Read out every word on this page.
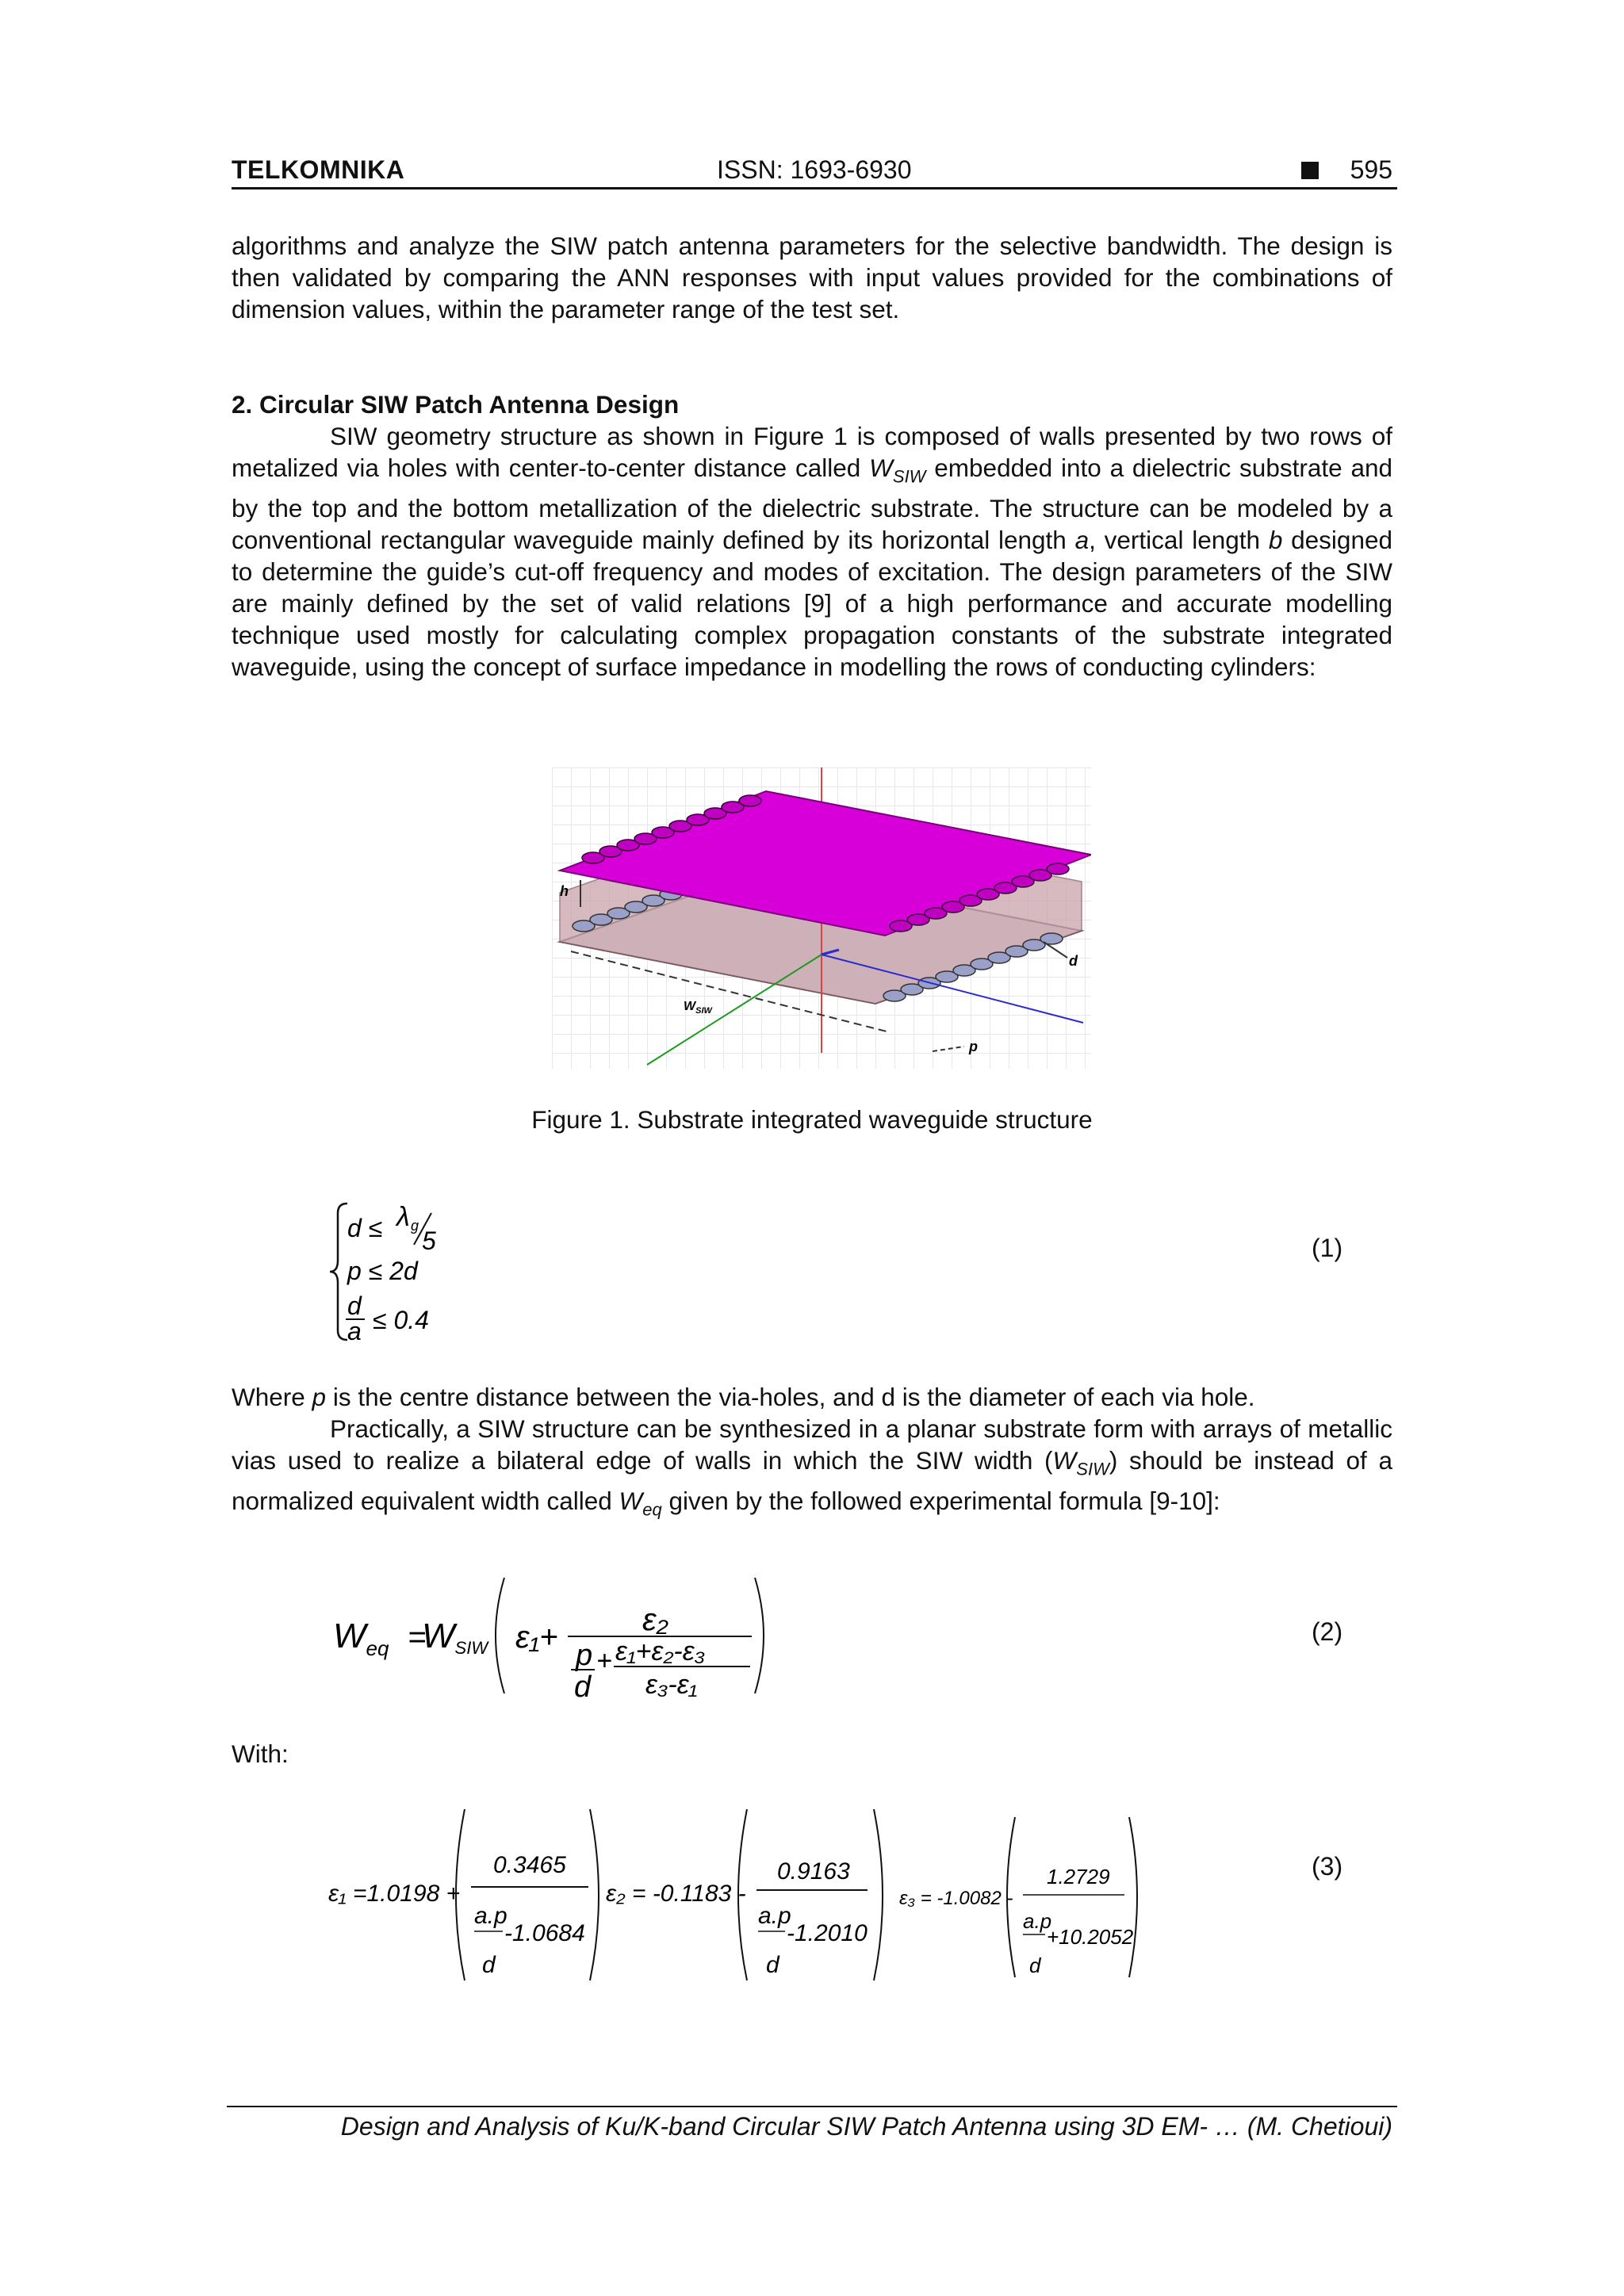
TELKOMNIKA	ISSN: 1693-6930	595

algorithms and analyze the SIW patch antenna parameters for the selective bandwidth. The design is then validated by comparing the ANN responses with input values provided for the combinations of dimension values, within the parameter range of the test set.

2. Circular SIW Patch Antenna Design

SIW geometry structure as shown in Figure 1 is composed of walls presented by two rows of metalized via holes with center-to-center distance called $W_{SIW}$ embedded into a dielectric substrate and by the top and the bottom metallization of the dielectric substrate. The structure can be modeled by a conventional rectangular waveguide mainly defined by its horizontal length a, vertical length b designed to determine the guide’s cut-off frequency and modes of excitation. The design parameters of the SIW are mainly defined by the set of valid relations [9] of a high performance and accurate modelling technique used mostly for calculating complex propagation constants of the substrate integrated waveguide, using the concept of surface impedance in modelling the rows of conducting cylinders:

h
d
$W_{SIW}$
p
Figure 1. Substrate integrated waveguide structure
d ≤ λ g
5
p ≤ 2d
d
a ≤ 0.4
(1)

Where p is the centre distance between the via-holes, and d is the diameter of each via hole.

Practically, a SIW structure can be synthesized in a planar substrate form with arrays of metallic vias used to realize a bilateral edge of walls in which the SIW width $(W_{SIW})$ should be instead of a normalized equivalent width called $W_{eq}$ given by the followed experimental formula [9-10]:

$W_{eq}$ =
WSIW ε₁+	ε₂
p
d
+ ε₁+ε₂-ε₃
ε₃-ε₁
(2)
With:
ε₁ =1.0198 +
0.3465
a.p
-1.0684
d
ε₂ = -0.1183 -
0.9163
a.p
-1.2010
d
ε₃ = -1.0082 -
1.2729
a.p
+10.2052
d
(3)
Design and Analysis of Ku/K-band Circular SIW Patch Antenna using 3D EM- … (M. Chetioui)
